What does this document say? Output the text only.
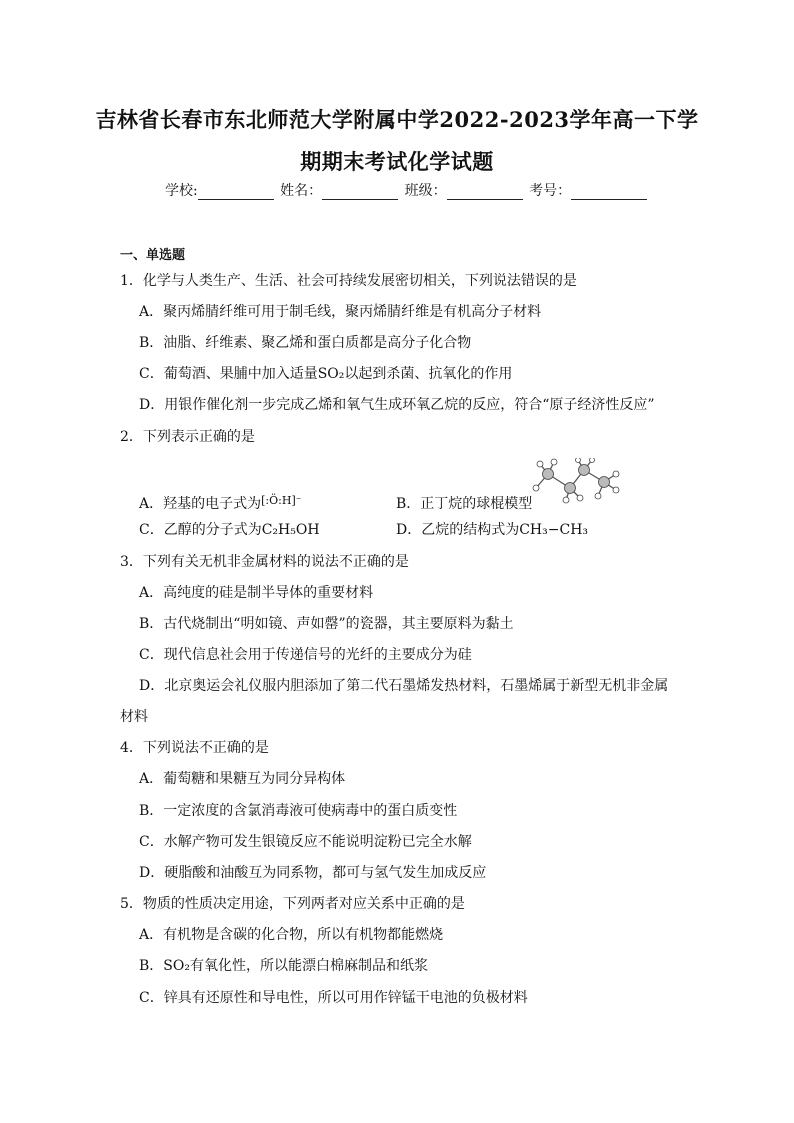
吉林省长春市东北师范大学附属中学2022-2023学年高一下学
期期末考试化学试题
学校:	姓名：	班级：	考号：
一、单选题
1．化学与人类生产、生活、社会可持续发展密切相关，下列说法错误的是
A．聚丙烯腈纤维可用于制毛线，聚丙烯腈纤维是有机高分子材料
B．油脂、纤维素、聚乙烯和蛋白质都是高分子化合物
C．葡萄酒、果脯中加入适量SO₂以起到杀菌、抗氧化的作用
D．用银作催化剂一步完成乙烯和氧气生成环氧乙烷的反应，符合“原子经济性反应”
2．下列表示正确的是
A．羟基的电子式为[:Ö:H]⁻	B．正丁烷的球棍模型
C．乙醇的分子式为C₂H₅OH	D．乙烷的结构式为CH₃−CH₃
3．下列有关无机非金属材料的说法不正确的是
A．高纯度的硅是制半导体的重要材料
B．古代烧制出“明如镜、声如罄”的瓷器，其主要原料为黏土
C．现代信息社会用于传递信号的光纤的主要成分为硅
D．北京奥运会礼仪服内胆添加了第二代石墨烯发热材料，石墨烯属于新型无机非金属
材料
4．下列说法不正确的是
A．葡萄糖和果糖互为同分异构体
B．一定浓度的含氯消毒液可使病毒中的蛋白质变性
C．水解产物可发生银镜反应不能说明淀粉已完全水解
D．硬脂酸和油酸互为同系物，都可与氢气发生加成反应
5．物质的性质决定用途，下列两者对应关系中正确的是
A．有机物是含碳的化合物，所以有机物都能燃烧
B．SO₂有氧化性，所以能漂白棉麻制品和纸浆
C．锌具有还原性和导电性，所以可用作锌锰干电池的负极材料
